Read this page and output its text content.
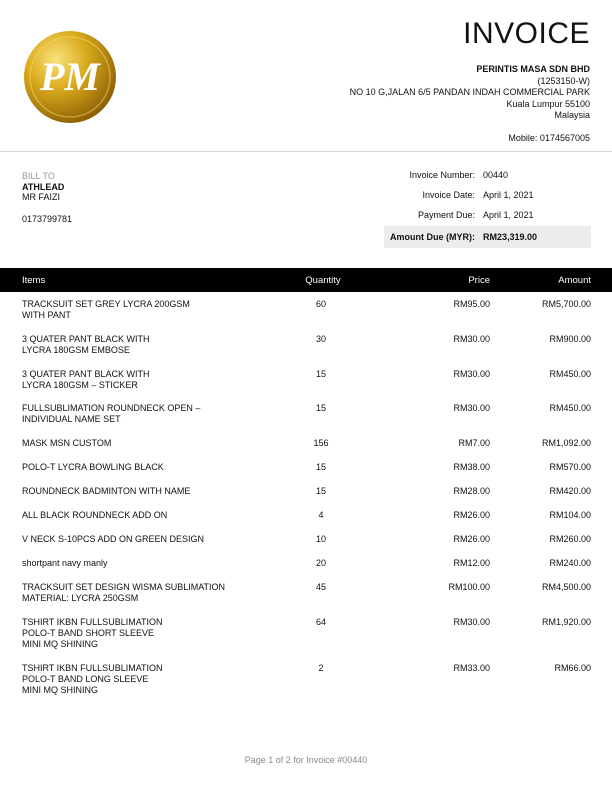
PM
INVOICE
PERINTIS MASA SDN BHD
(1253150-W)
NO 10 G,JALAN 6/5 PANDAN INDAH COMMERCIAL PARK
Kuala Lumpur 55100
Malaysia
Mobile: 0174567005
BILL TO
ATHLEAD
MR FAIZI
0173799781
Invoice Number: 00440
Invoice Date: April 1, 2021
Payment Due: April 1, 2021
Amount Due (MYR): RM23,319.00
Items	Quantity	Price	Amount
TRACKSUIT SET GREY LYCRA 200GSM
WITH PANT
60	RM95.00	RM5,700.00
3 QUATER PANT BLACK WITH
LYCRA 180GSM EMBOSE
30	RM30.00	RM900.00
3 QUATER PANT BLACK WITH
LYCRA 180GSM – STICKER
15	RM30.00	RM450.00
FULLSUBLIMATION ROUNDNECK OPEN –
INDIVIDUAL NAME SET
15	RM30.00	RM450.00
MASK MSN CUSTOM	156	RM7.00	RM1,092.00
POLO-T LYCRA BOWLING BLACK	15	RM38.00	RM570.00
ROUNDNECK BADMINTON WITH NAME	15	RM28.00	RM420.00
ALL BLACK ROUNDNECK ADD ON	4	RM26.00	RM104.00
V NECK S-10PCS ADD ON GREEN DESIGN	10	RM26.00	RM260.00
shortpant navy manly	20	RM12.00	RM240.00
TRACKSUIT SET DESIGN WISMA SUBLIMATION
MATERIAL: LYCRA 250GSM
45	RM100.00	RM4,500.00
TSHIRT IKBN FULLSUBLIMATION
POLO-T BAND SHORT SLEEVE
MINI MQ SHINING
64	RM30.00	RM1,920.00
TSHIRT IKBN FULLSUBLIMATION
POLO-T BAND LONG SLEEVE
MINI MQ SHINING
2	RM33.00	RM66.00
Page 1 of 2 for Invoice #00440
